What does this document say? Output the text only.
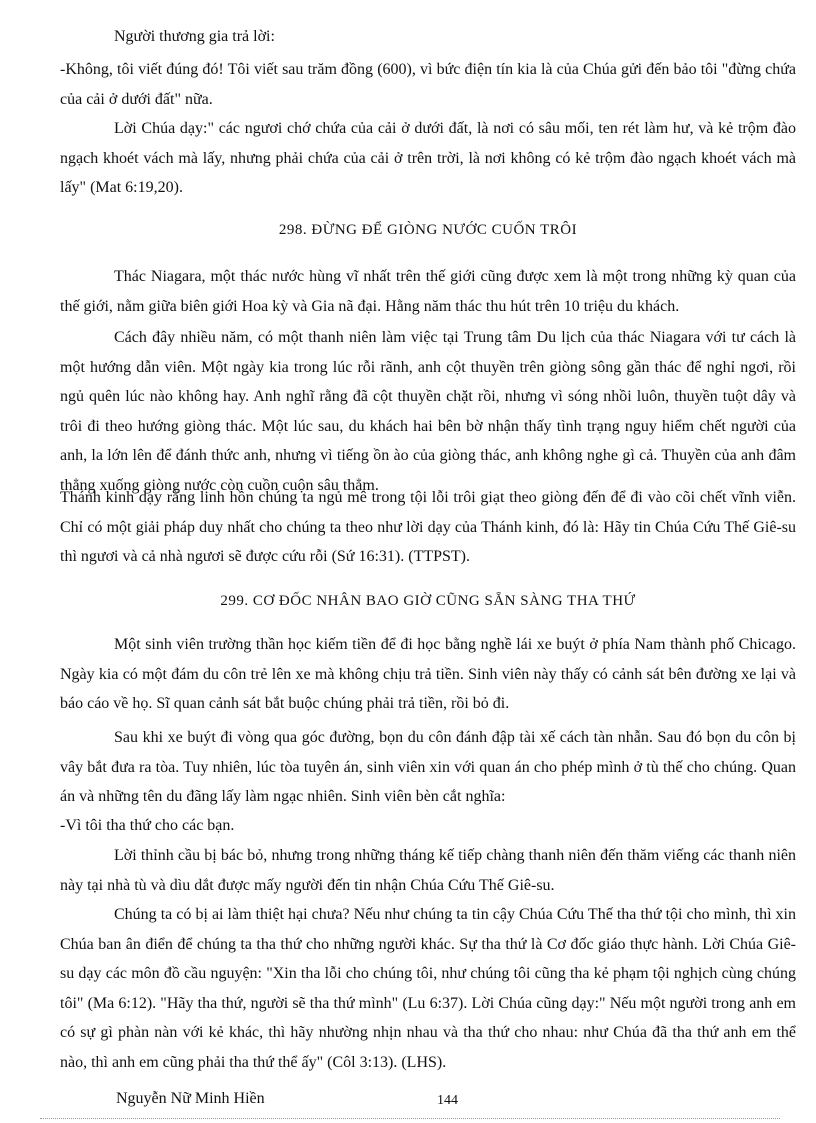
Người thương gia trả lời:

-Không, tôi viết đúng đó! Tôi viết sau trăm đồng (600), vì bức điện tín kia là của Chúa gửi đến bảo tôi "đừng chứa của cải ở dưới đất" nữa.

Lời Chúa dạy:" các ngươi chớ chứa của cải ở dưới đất, là nơi có sâu mối, ten rét làm hư, và kẻ trộm đào ngạch khoét vách mà lấy, nhưng phải chứa của cải ở trên trời, là nơi không có kẻ trộm đào ngạch khoét vách mà lấy" (Mat 6:19,20).

298. ĐỪNG ĐỂ GIÒNG NƯỚC CUỐN TRÔI

Thác Niagara, một thác nước hùng vĩ nhất trên thế giới cũng được xem là một trong những kỳ quan của thế giới, nằm giữa biên giới Hoa kỳ và Gia nã đại. Hằng năm thác thu hút trên 10 triệu du khách.

Cách đây nhiều năm, có một thanh niên làm việc tại Trung tâm Du lịch của thác Niagara với tư cách là một hướng dẫn viên. Một ngày kia trong lúc rỗi rãnh, anh cột thuyền trên giòng sông gần thác để nghỉ ngơi, rồi ngủ quên lúc nào không hay. Anh nghĩ rằng đã cột thuyền chặt rồi, nhưng vì sóng nhồi luôn, thuyền tuột dây và trôi đi theo hướng giòng thác. Một lúc sau, du khách hai bên bờ nhận thấy tình trạng nguy hiểm chết người của anh, la lớn lên để đánh thức anh, nhưng vì tiếng ồn ào của giòng thác, anh không nghe gì cả. Thuyền của anh đâm thẳng xuống giòng nước còn cuồn cuộn sâu thẳm.

Thánh kinh dạy rằng linh hồn chúng ta ngủ mê trong tội lỗi trôi giạt theo giòng đến để đi vào cõi chết vĩnh viễn. Chỉ có một giải pháp duy nhất cho chúng ta theo như lời dạy của Thánh kinh, đó là: Hãy tin Chúa Cứu Thế Giê-su thì ngươi và cả nhà ngươi sẽ được cứu rỗi (Sứ 16:31). (TTPST).

299. CƠ ĐỐC NHÂN BAO GIỜ CŨNG SẴN SÀNG THA THỨ

Một sinh viên trường thần học kiếm tiền để đi học bằng nghề lái xe buýt ở phía Nam thành phố Chicago. Ngày kia có một đám du côn trẻ lên xe mà không chịu trả tiền. Sinh viên này thấy có cảnh sát bên đường xe lại và báo cáo về họ. Sĩ quan cảnh sát bắt buộc chúng phải trả tiền, rồi bỏ đi.

Sau khi xe buýt đi vòng qua góc đường, bọn du côn đánh đập tài xế cách tàn nhẫn. Sau đó bọn du côn bị vây bắt đưa ra tòa. Tuy nhiên, lúc tòa tuyên án, sinh viên xin với quan án cho phép mình ở tù thế cho chúng. Quan án và những tên du đãng lấy làm ngạc nhiên. Sinh viên bèn cắt nghĩa:

-Vì tôi tha thứ cho các bạn.

Lời thỉnh cầu bị bác bỏ, nhưng trong những tháng kế tiếp chàng thanh niên đến thăm viếng các thanh niên này tại nhà tù và dìu dắt được mấy người đến tin nhận Chúa Cứu Thế Giê-su.

Chúng ta có bị ai làm thiệt hại chưa? Nếu như chúng ta tin cậy Chúa Cứu Thế tha thứ tội cho mình, thì xin Chúa ban ân điển để chúng ta tha thứ cho những người khác. Sự tha thứ là Cơ đốc giáo thực hành. Lời Chúa Giê-su dạy các môn đồ cầu nguyện: "Xin tha lỗi cho chúng tôi, như chúng tôi cũng tha kẻ phạm tội nghịch cùng chúng tôi" (Ma 6:12). "Hãy tha thứ, người sẽ tha thứ mình" (Lu 6:37). Lời Chúa cũng dạy:" Nếu một người trong anh em có sự gì phàn nàn với kẻ khác, thì hãy nhường nhịn nhau và tha thứ cho nhau: như Chúa đã tha thứ anh em thể nào, thì anh em cũng phải tha thứ thể ấy" (Côl 3:13). (LHS).

Nguyễn Nữ Minh Hiền	144
